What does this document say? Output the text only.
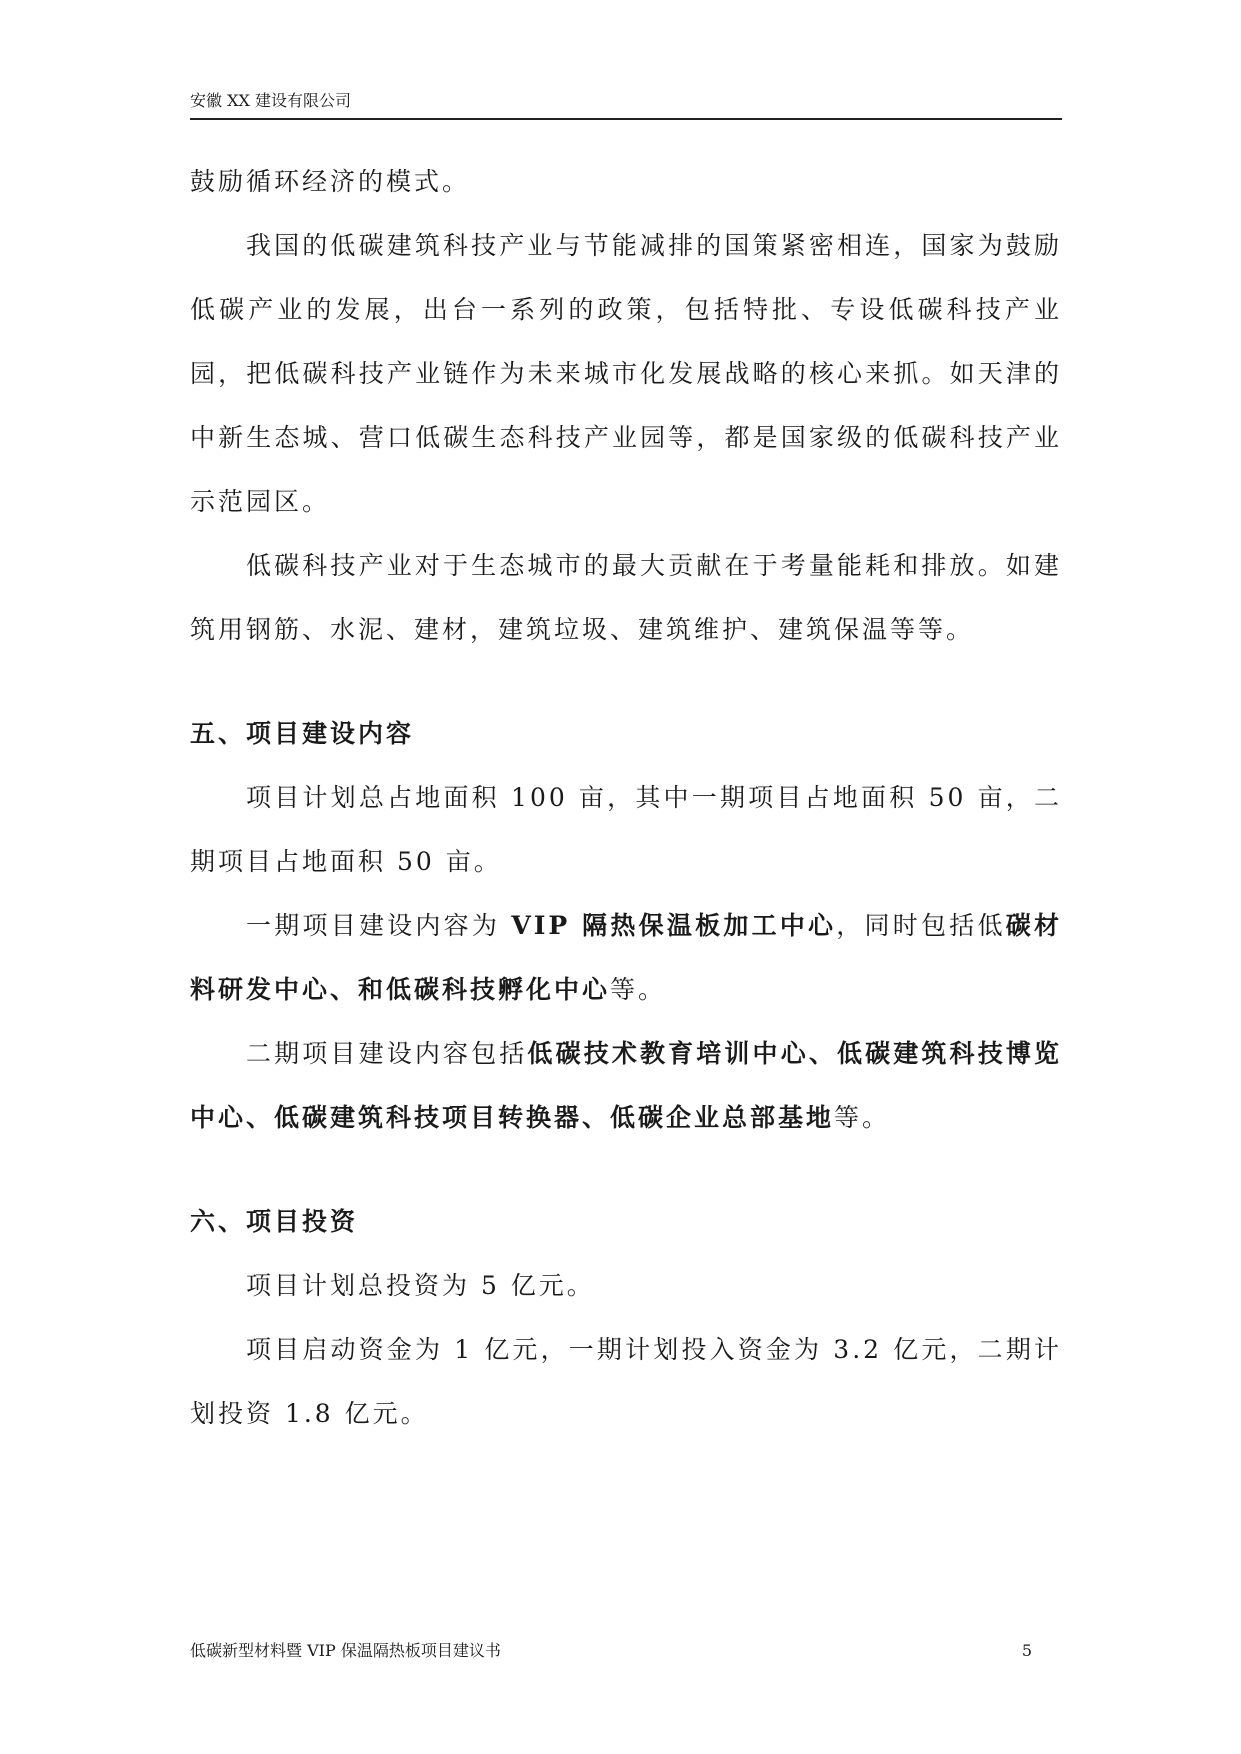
安徽 XX 建设有限公司

鼓励循环经济的模式。

我国的低碳建筑科技产业与节能减排的国策紧密相连，国家为鼓励低碳产业的发展，出台一系列的政策，包括特批、专设低碳科技产业园，把低碳科技产业链作为未来城市化发展战略的核心来抓。如天津的中新生态城、营口低碳生态科技产业园等，都是国家级的低碳科技产业示范园区。

低碳科技产业对于生态城市的最大贡献在于考量能耗和排放。如建筑用钢筋、水泥、建材，建筑垃圾、建筑维护、建筑保温等等。

五、项目建设内容

项目计划总占地面积 100 亩，其中一期项目占地面积 50 亩，二期项目占地面积 50 亩。

一期项目建设内容为 VIP 隔热保温板加工中心，同时包括低碳材料研发中心、和低碳科技孵化中心等。

二期项目建设内容包括低碳技术教育培训中心、低碳建筑科技博览中心、低碳建筑科技项目转换器、低碳企业总部基地等。

六、项目投资

项目计划总投资为 5 亿元。

项目启动资金为 1 亿元，一期计划投入资金为 3.2 亿元，二期计划投资 1.8 亿元。

低碳新型材料暨 VIP 保温隔热板项目建议书	5
